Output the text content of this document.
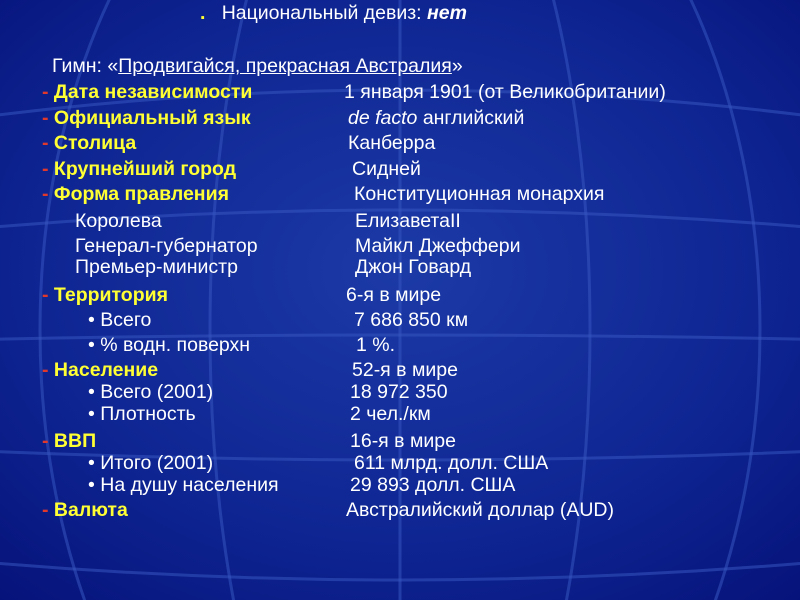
. Национальный девиз: нет
Гимн: «Продвигайся, прекрасная Австралия»
- Дата независимости	1 января 1901 (от Великобритании)
- Официальный язык	de facto английский
- Столица	Канберра
- Крупнейший город	Сидней
- Форма правления	Конституционная монархия
Королева	ЕлизаветаII
Генерал-губернатор	Майкл Джеффери
Премьер-министр	Джон Говард
- Территория	6-я в мире
• Всего	7 686 850 км
• % водн. поверхн	1 %.
- Население	52-я в мире
• Всего (2001)	18 972 350
• Плотность	2 чел./км
- ВВП	16-я в мире
• Итого (2001)	611 млрд. долл. США
• На душу населения	29 893 долл. США
- Валюта	Австралийский доллар (AUD)
